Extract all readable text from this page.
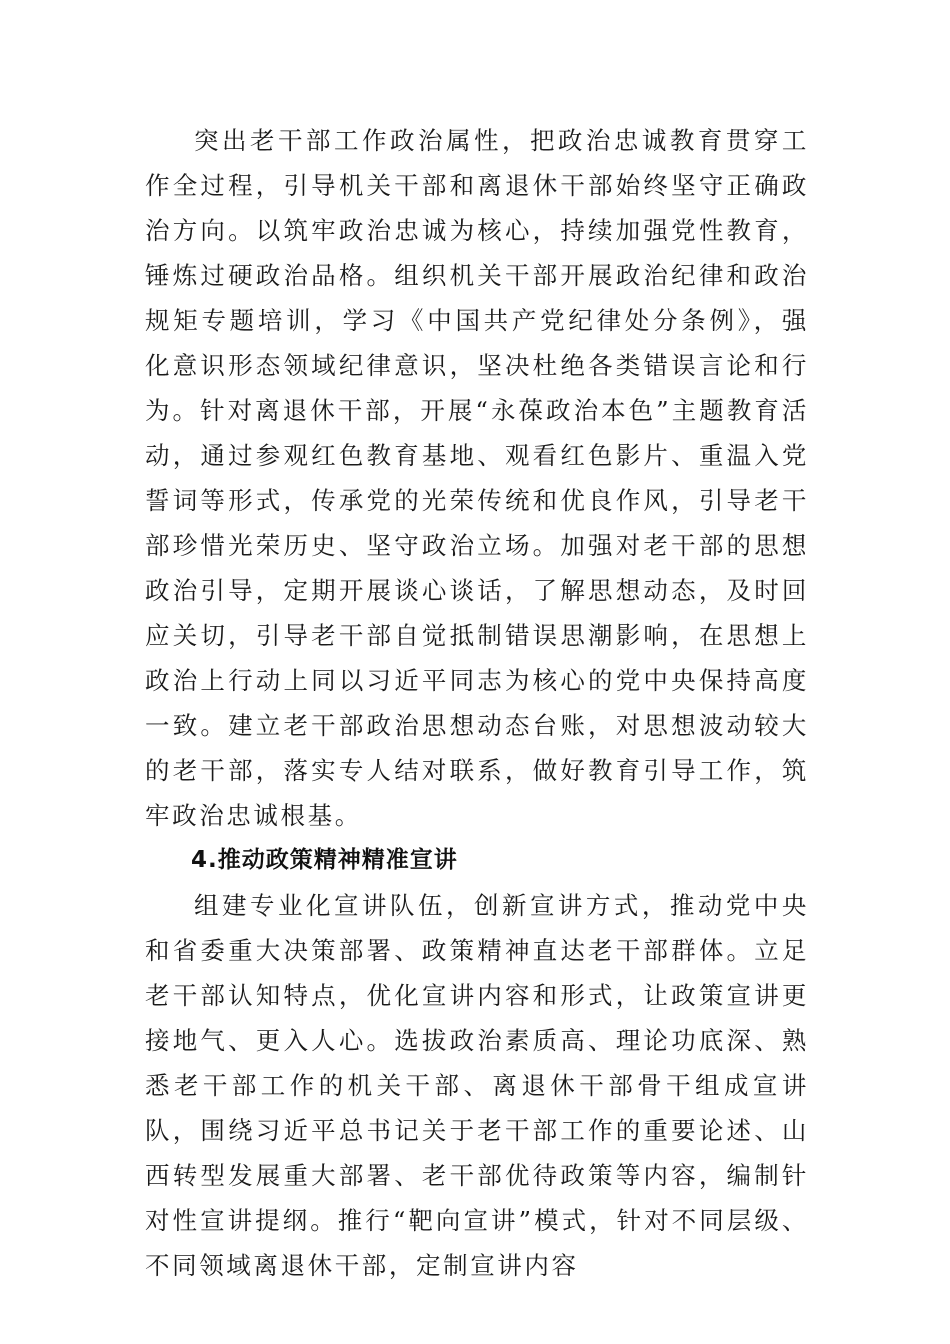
突出老干部工作政治属性，把政治忠诚教育贯穿工作全过程，引导机关干部和离退休干部始终坚守正确政治方向。以筑牢政治忠诚为核心，持续加强党性教育，锤炼过硬政治品格。组织机关干部开展政治纪律和政治规矩专题培训，学习《中国共产党纪律处分条例》，强化意识形态领域纪律意识，坚决杜绝各类错误言论和行为。针对离退休干部，开展“永葆政治本色”主题教育活动，通过参观红色教育基地、观看红色影片、重温入党誓词等形式，传承党的光荣传统和优良作风，引导老干部珍惜光荣历史、坚守政治立场。加强对老干部的思想政治引导，定期开展谈心谈话，了解思想动态，及时回应关切，引导老干部自觉抵制错误思潮影响，在思想上政治上行动上同以习近平同志为核心的党中央保持高度一致。建立老干部政治思想动态台账，对思想波动较大的老干部，落实专人结对联系，做好教育引导工作，筑牢政治忠诚根基。

4.推动政策精神精准宣讲

组建专业化宣讲队伍，创新宣讲方式，推动党中央和省委重大决策部署、政策精神直达老干部群体。立足老干部认知特点，优化宣讲内容和形式，让政策宣讲更接地气、更入人心。选拔政治素质高、理论功底深、熟悉老干部工作的机关干部、离退休干部骨干组成宣讲队，围绕习近平总书记关于老干部工作的重要论述、山西转型发展重大部署、老干部优待政策等内容，编制针对性宣讲提纲。推行“靶向宣讲”模式，针对不同层级、不同领域离退休干部，定制宣讲内容
